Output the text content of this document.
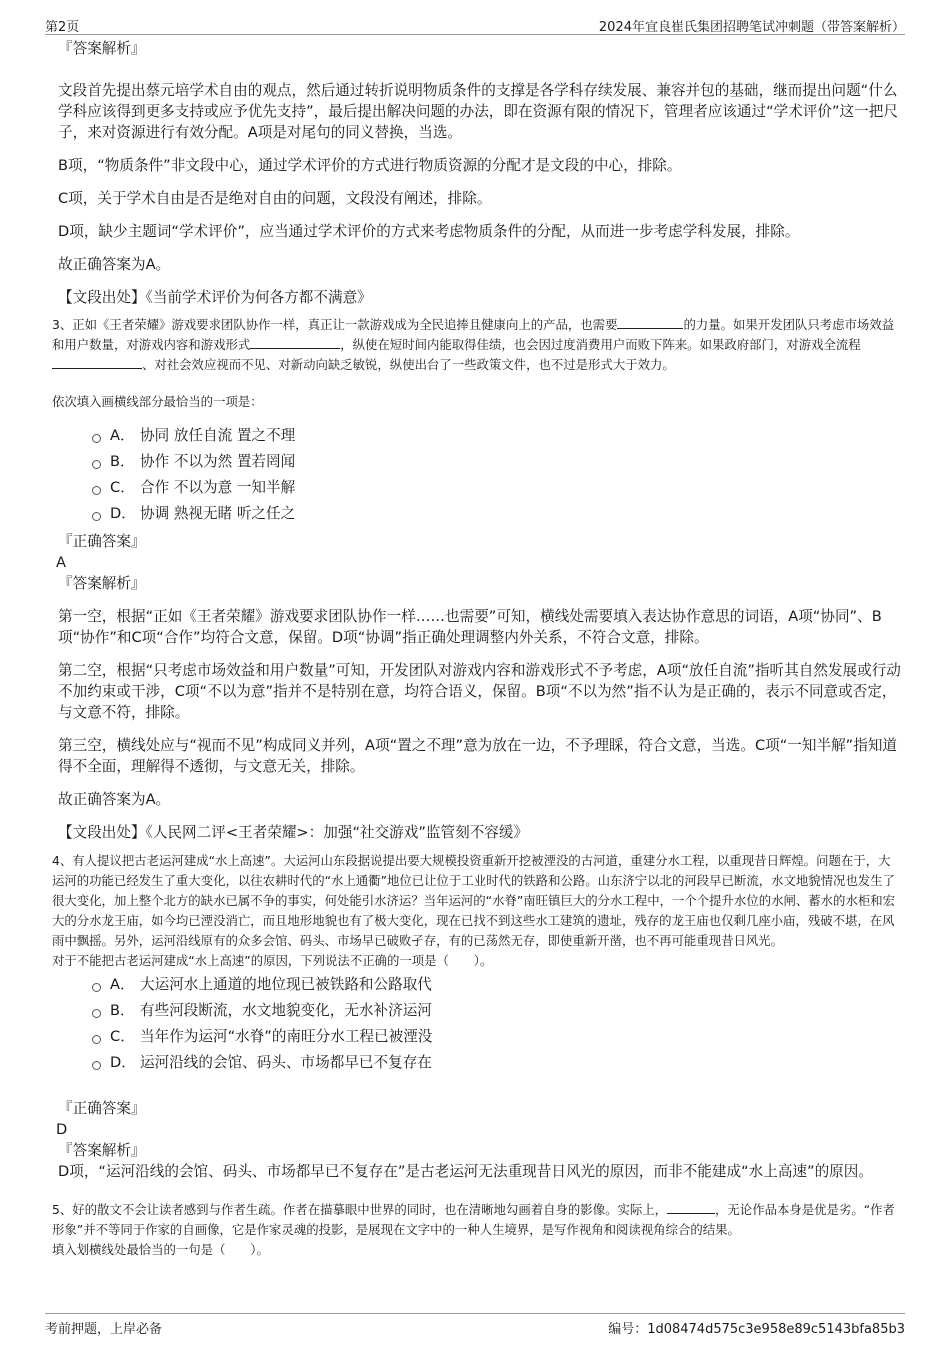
第2页	2024年宜良崔氏集团招聘笔试冲刺题（带答案解析）

『答案解析』

文段首先提出蔡元培学术自由的观点，然后通过转折说明物质条件的支撑是各学科存续发展、兼容并包的基础，继而提出问题“什么学科应该得到更多支持或应予优先支持”，最后提出解决问题的办法，即在资源有限的情况下，管理者应该通过“学术评价”这一把尺子，来对资源进行有效分配。A项是对尾句的同义替换，当选。

B项，“物质条件”非文段中心，通过学术评价的方式进行物质资源的分配才是文段的中心，排除。

C项，关于学术自由是否是绝对自由的问题，文段没有阐述，排除。

D项，缺少主题词“学术评价”，应当通过学术评价的方式来考虑物质条件的分配，从而进一步考虑学科发展，排除。

故正确答案为A。

【文段出处】《当前学术评价为何各方都不满意》

3、正如《王者荣耀》游戏要求团队协作一样，真正让一款游戏成为全民追捧且健康向上的产品，也需要	的力量。如果开发团队只考虑市场效益和用户数量，对游戏内容和游戏形式	，纵使在短时间内能取得佳绩，也会因过度消费用户而败下阵来。如果政府部门，对游戏全流程、对社会效应视而不见、对新动向缺乏敏锐，纵使出台了一些政策文件，也不过是形式大于效力。

依次填入画横线部分最恰当的一项是：

A． 协同 放任自流 置之不理
B． 协作 不以为然 置若罔闻
C． 合作 不以为意 一知半解
D． 协调 熟视无睹 听之任之

『正确答案』

A

『答案解析』

第一空，根据“正如《王者荣耀》游戏要求团队协作一样……也需要”可知，横线处需要填入表达协作意思的词语，A项“协同”、B项“协作”和C项“合作”均符合文意，保留。D项“协调”指正确处理调整内外关系，不符合文意，排除。

第二空，根据“只考虑市场效益和用户数量”可知，开发团队对游戏内容和游戏形式不予考虑，A项“放任自流”指听其自然发展或行动不加约束或干涉，C项“不以为意”指并不是特别在意，均符合语义，保留。B项“不以为然”指不认为是正确的，表示不同意或否定，与文意不符，排除。

第三空，横线处应与“视而不见”构成同义并列，A项“置之不理”意为放在一边，不予理睬，符合文意，当选。C项“一知半解”指知道得不全面，理解得不透彻，与文意无关，排除。

故正确答案为A。

【文段出处】《人民网二评<王者荣耀>：加强“社交游戏”监管刻不容缓》

4、有人提议把古老运河建成“水上高速”。大运河山东段据说提出要大规模投资重新开挖被湮没的古河道，重建分水工程，以重现昔日辉煌。问题在于，大运河的功能已经发生了重大变化，以往农耕时代的“水上通衢”地位已让位于工业时代的铁路和公路。山东济宁以北的河段早已断流，水文地貌情况也发生了很大变化，加上整个北方的缺水已属不争的事实，何处能引水济运？当年运河的“水脊”南旺镇巨大的分水工程中，一个个提升水位的水闸、蓄水的水柜和宏大的分水龙王庙，如今均已湮没消亡，而且地形地貌也有了极大变化，现在已找不到这些水工建筑的遗址，残存的龙王庙也仅剩几座小庙，残破不堪，在风雨中飘摇。另外，运河沿线原有的众多会馆、码头、市场早已破败孑存，有的已荡然无存，即使重新开凿，也不再可能重现昔日风光。

对于不能把古老运河建成“水上高速”的原因，下列说法不正确的一项是（　　）。

A． 大运河水上通道的地位现已被铁路和公路取代
B． 有些河段断流，水文地貌变化，无水补济运河
C． 当年作为运河“水脊”的南旺分水工程已被湮没
D． 运河沿线的会馆、码头、市场都早已不复存在

『正确答案』

D

『答案解析』

D项，“运河沿线的会馆、码头、市场都早已不复存在”是古老运河无法重现昔日风光的原因，而非不能建成“水上高速”的原因。

5、好的散文不会让读者感到与作者生疏。作者在描摹眼中世界的同时，也在清晰地勾画着自身的影像。实际上，	，无论作品本身是优是劣。“作者形象”并不等同于作家的自画像，它是作家灵魂的投影，是展现在文字中的一种人生境界，是写作视角和阅读视角综合的结果。

填入划横线处最恰当的一句是（　　）。

考前押题，上岸必备	编号：1d08474d575c3e958e89c5143bfa85b3
